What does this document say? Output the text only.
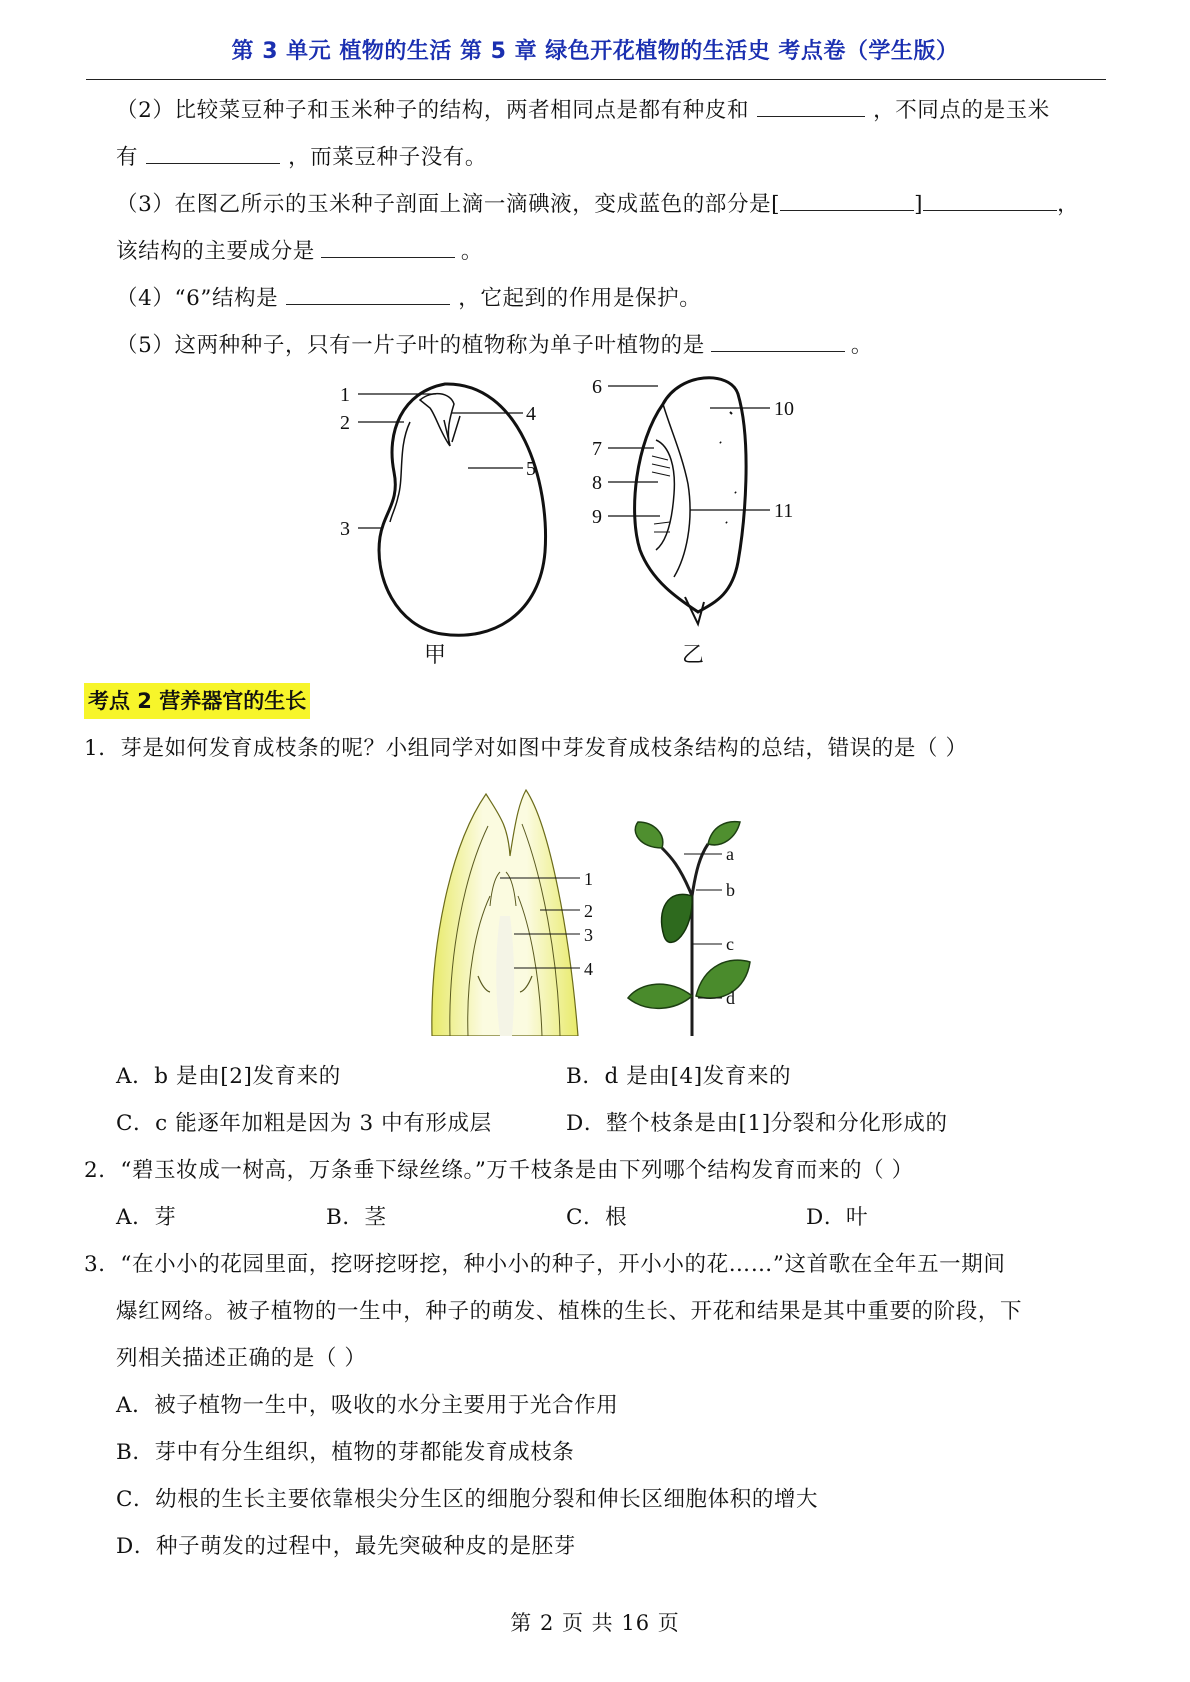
第 3 单元 植物的生活 第 5 章 绿色开花植物的生活史 考点卷（学生版）
（2）比较菜豆种子和玉米种子的结构，两者相同点是都有种皮和	，不同点的是玉米
有	，而菜豆种子没有。
（3）在图乙所示的玉米种子剖面上滴一滴碘液，变成蓝色的部分是[	]	，
该结构的主要成分是	。
（4）“6”结构是	，它起到的作用是保护。
（5）这两种种子，只有一片子叶的植物称为单子叶植物的是	。
1
2
3
4
5
甲
6
7
8
9
10
11
乙
考点 2 营养器官的生长
1．芽是如何发育成枝条的呢？小组同学对如图中芽发育成枝条结构的总结，错误的是（ ）
1
2
3
4
a
b
c
d
A．b 是由[2]发育来的	B．d 是由[4]发育来的
C．c 能逐年加粗是因为 3 中有形成层	D．整个枝条是由[1]分裂和分化形成的
2．“碧玉妆成一树高，万条垂下绿丝绦。”万千枝条是由下列哪个结构发育而来的（ ）
A．芽	B．茎	C．根	D．叶
3．“在小小的花园里面，挖呀挖呀挖，种小小的种子，开小小的花……”这首歌在全年五一期间
爆红网络。被子植物的一生中，种子的萌发、植株的生长、开花和结果是其中重要的阶段，下
列相关描述正确的是（ ）
A．被子植物一生中，吸收的水分主要用于光合作用
B．芽中有分生组织，植物的芽都能发育成枝条
C．幼根的生长主要依靠根尖分生区的细胞分裂和伸长区细胞体积的增大
D．种子萌发的过程中，最先突破种皮的是胚芽
第 2 页 共 16 页
